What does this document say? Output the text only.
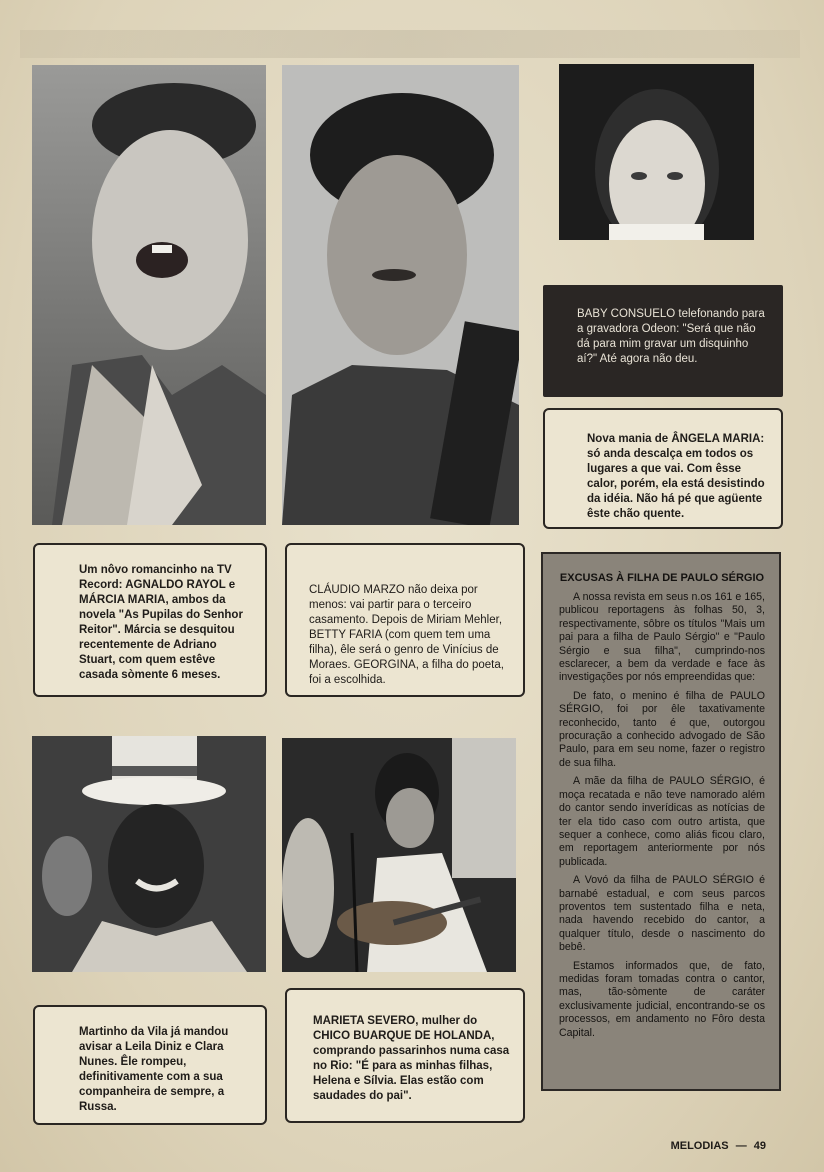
BABY CONSUELO telefonando para a gravadora Odeon: "Será que não dá para mim gravar um disquinho aí?" Até agora não deu.

Nova mania de ÂNGELA MARIA: só anda descalça em todos os lugares a que vai. Com êsse calor, porém, ela está desistindo da idéia. Não há pé que agüente êste chão quente.

Um nôvo romancinho na TV Record: AGNALDO RAYOL e MÁRCIA MARIA, ambos da novela "As Pupilas do Senhor Reitor". Márcia se desquitou recentemente de Adriano Stuart, com quem estêve casada sòmente 6 meses.

CLÁUDIO MARZO não deixa por menos: vai partir para o terceiro casamento. Depois de Miriam Mehler, BETTY FARIA (com quem tem uma filha), êle será o genro de Vinícius de Moraes. GEORGINA, a filha do poeta, foi a escolhida.

Martinho da Vila já mandou avisar a Leila Diniz e Clara Nunes. Êle rompeu, definitivamente com a sua companheira de sempre, a Russa.

MARIETA SEVERO, mulher do CHICO BUARQUE DE HOLANDA, comprando passarinhos numa casa no Rio: "É para as minhas filhas, Helena e Sílvia. Elas estão com saudades do pai".

EXCUSAS À FILHA DE PAULO SÉRGIO

A nossa revista em seus n.os 161 e 165, publicou reportagens às folhas 50, 3, respectivamente, sôbre os títulos "Mais um pai para a filha de Paulo Sérgio" e "Paulo Sérgio e sua filha", cumprindo-nos esclarecer, a bem da verdade e face às investigações por nós empreendidas que:

De fato, o menino é filha de PAULO SÉRGIO, foi por êle taxativamente reconhecido, tanto é que, outorgou procuração a conhecido advogado de São Paulo, para em seu nome, fazer o registro de sua filha.

A mãe da filha de PAULO SÉRGIO, é moça recatada e não teve namorado além do cantor sendo inverídicas as notícias de ter ela tido caso com outro artista, que sequer a conhece, como aliás ficou claro, em reportagem anteriormente por nós publicada.

A Vovó da filha de PAULO SÉRGIO é barnabé estadual, e com seus parcos proventos tem sustentado filha e neta, nada havendo recebido do cantor, a qualquer título, desde o nascimento do bebê.

Estamos informados que, de fato, medidas foram tomadas contra o cantor, mas, tão-sòmente de caráter exclusivamente judicial, encontrando-se os processos, em andamento no Fôro desta Capital.

MELODIAS — 49
